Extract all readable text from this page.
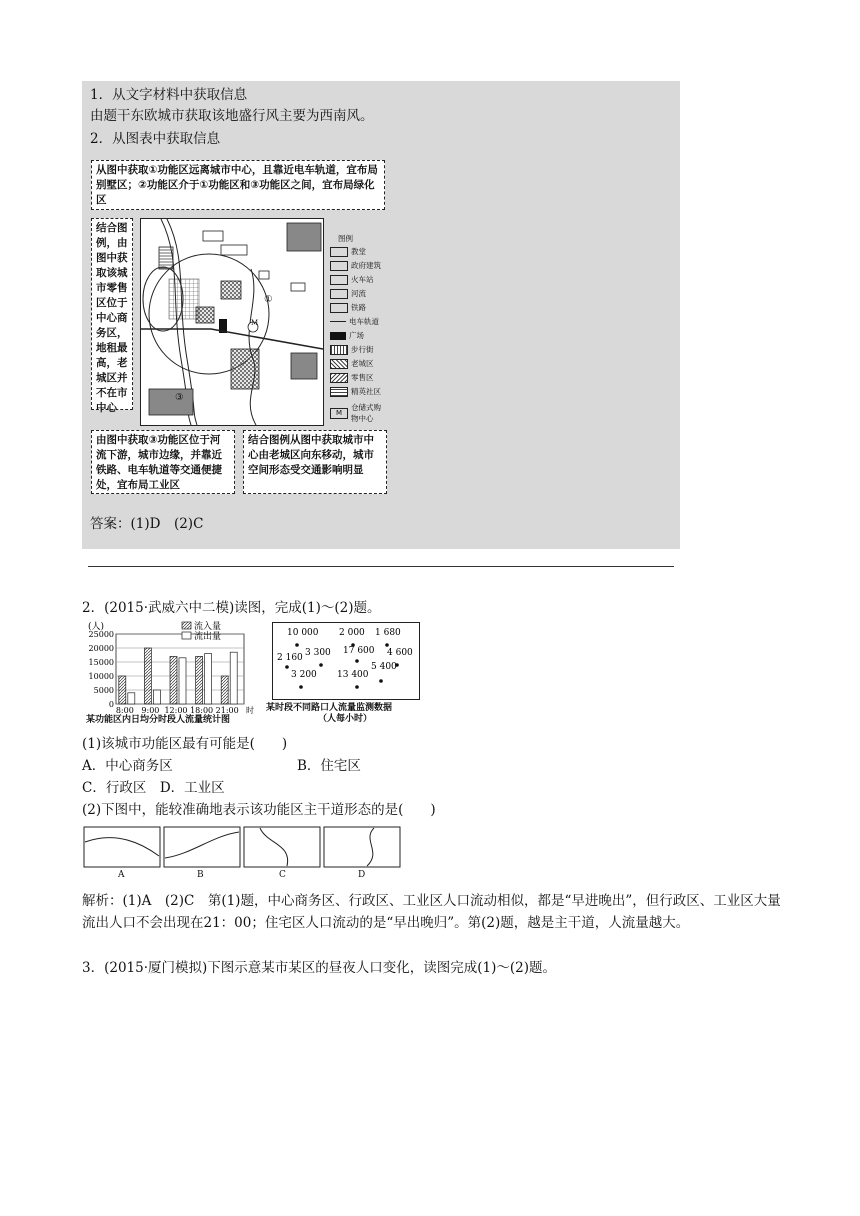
1．从文字材料中获取信息
由题干东欧城市获取该地盛行风主要为西南风。
2．从图表中获取信息
从图中获取①功能区远离城市中心，且靠近电车轨道，宜布局别墅区；②功能区介于①功能区和③功能区之间，宜布局绿化区
结合图例，由图中获取该城市零售区位于中心商务区，地租最高，老城区并不在市中心
由图中获取③功能区位于河流下游，城市边缘，并靠近铁路、电车轨道等交通便捷处，宜布局工业区
结合图例从图中获取城市中心由老城区向东移动，城市空间形态受交通影响明显
①
③
M
图例
教堂
政府建筑
火车站
河流
铁路
电车轨道
广场
步行街
老城区
零售区
精英社区
M仓储式购物中心
答案：(1)D　(2)C
2．(2015·武威六中二模)读图，完成(1)～(2)题。
(人)
0
5000
10000
15000
20000
25000
8:00 9:00 12:00 18:00 21:00 时
流入量
流出量
某功能区内日均分时段人流量统计图
10 000 2 000 1 680
2 160 3 300 17 600 4 600
5 400
3 200 13 400
某时段不同路口人流量监测数据
（人每小时）
(1)该城市功能区最有可能是(　　)
A．中心商务区	B．住宅区
C．行政区　D．工业区
(2)下图中，能较准确地表示该功能区主干道形态的是(　　)
A	B	C	D
解析：(1)A　(2)C　第(1)题，中心商务区、行政区、工业区人口流动相似，都是“早进晚出”，但行政区、工业区大量流出人口不会出现在21：00；住宅区人口流动的是“早出晚归”。第(2)题，越是主干道，人流量越大。
3．(2015·厦门模拟)下图示意某市某区的昼夜人口变化，读图完成(1)～(2)题。
